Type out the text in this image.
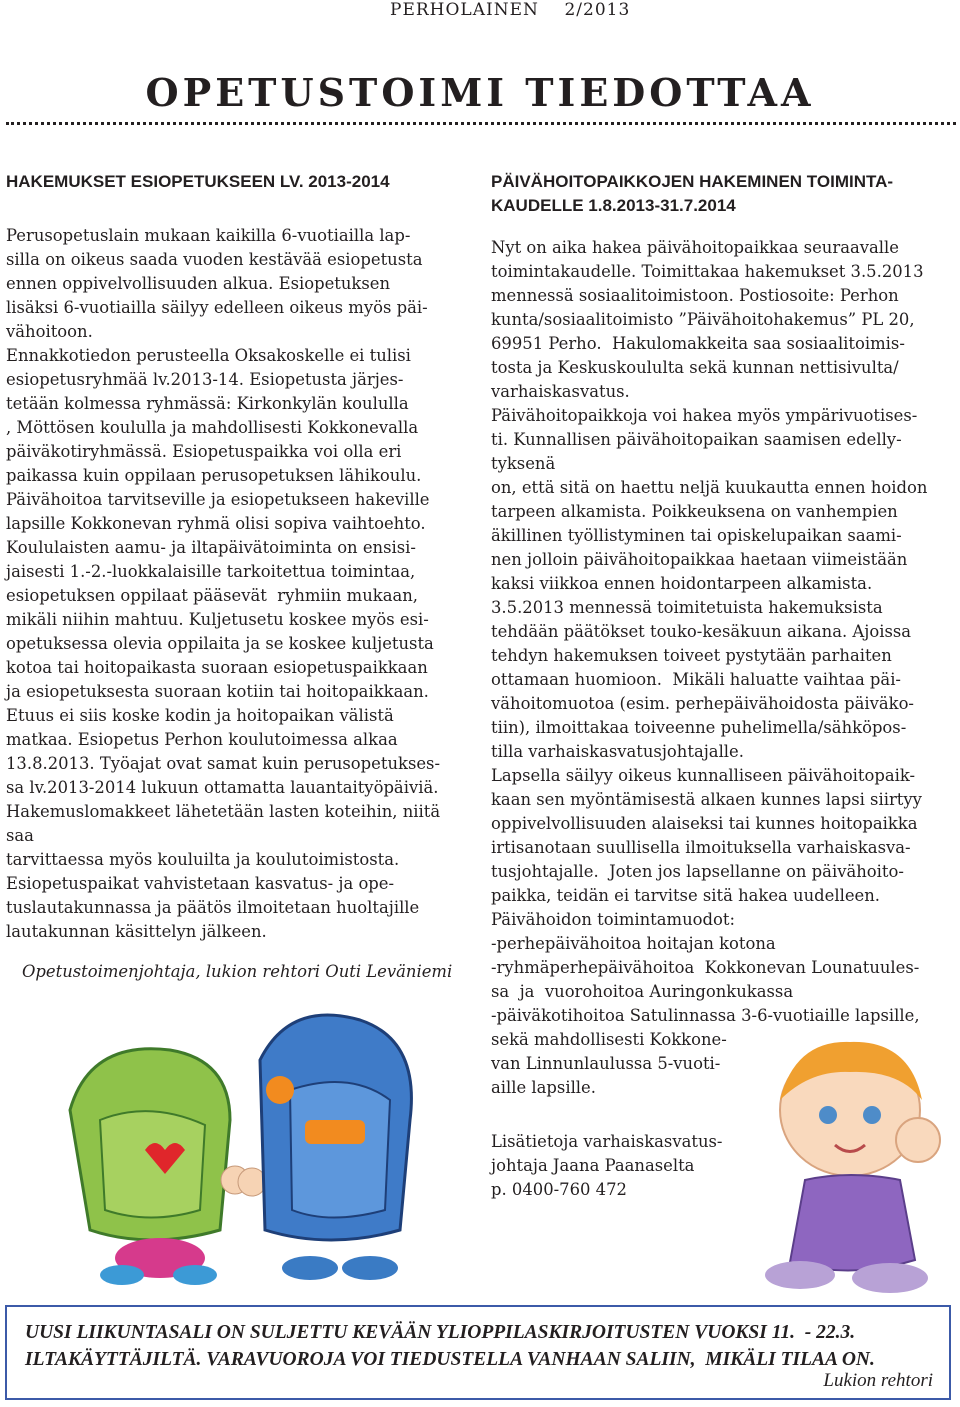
PERHOLAINEN 2/2013
OPETUSTOIMI TIEDOTTAA

HAKEMUKSET ESIOPETUKSEEN LV. 2013-2014

Perusopetuslain mukaan kaikilla 6-vuotiailla lap-

silla on oikeus saada vuoden kestävää esiopetusta

ennen oppivelvollisuuden alkua. Esiopetuksen

lisäksi 6-vuotiailla säilyy edelleen oikeus myös päi-

vähoitoon.

Ennakkotiedon perusteella Oksakoskelle ei tulisi

esiopetusryhmää lv.2013-14. Esiopetusta järjes-

tetään kolmessa ryhmässä: Kirkonkylän koululla

, Möttösen koululla ja mahdollisesti Kokkonevalla

päiväkotiryhmässä. Esiopetuspaikka voi olla eri

paikassa kuin oppilaan perusopetuksen lähikoulu.

Päivähoitoa tarvitseville ja esiopetukseen hakeville

lapsille Kokkonevan ryhmä olisi sopiva vaihtoehto.

Koululaisten aamu- ja iltapäivätoiminta on ensisi-

jaisesti 1.-2.-luokkalaisille tarkoitettua toimintaa,

esiopetuksen oppilaat pääsevät  ryhmiin mukaan,

mikäli niihin mahtuu. Kuljetusetu koskee myös esi-

opetuksessa olevia oppilaita ja se koskee kuljetusta

kotoa tai hoitopaikasta suoraan esiopetuspaikkaan

ja esiopetuksesta suoraan kotiin tai hoitopaikkaan.

Etuus ei siis koske kodin ja hoitopaikan välistä

matkaa. Esiopetus Perhon koulutoimessa alkaa

13.8.2013. Työajat ovat samat kuin perusopetukses-

sa lv.2013-2014 lukuun ottamatta lauantaityöpäiviä.

Hakemuslomakkeet lähetetään lasten koteihin, niitä

saa

tarvittaessa myös kouluilta ja koulutoimistosta.

Esiopetuspaikat vahvistetaan kasvatus- ja ope-

tuslautakunnassa ja päätös ilmoitetaan huoltajille

lautakunnan käsittelyn jälkeen.

Opetustoimenjohtaja, lukion rehtori Outi Leväniemi

PÄIVÄHOITOPAIKKOJEN HAKEMINEN TOIMINTA-
KAUDELLE 1.8.2013-31.7.2014

Nyt on aika hakea päivähoitopaikkaa seuraavalle

toimintakaudelle. Toimittakaa hakemukset 3.5.2013

mennessä sosiaalitoimistoon. Postiosoite: Perhon

kunta/sosiaalitoimisto ”Päivähoitohakemus” PL 20,

69951 Perho.  Hakulomakkeita saa sosiaalitoimis-

tosta ja Keskuskoululta sekä kunnan nettisivulta/

varhaiskasvatus.

Päivähoitopaikkoja voi hakea myös ympärivuotises-

ti. Kunnallisen päivähoitopaikan saamisen edelly-

tyksenä

on, että sitä on haettu neljä kuukautta ennen hoidon

tarpeen alkamista. Poikkeuksena on vanhempien

äkillinen työllistyminen tai opiskelupaikan saami-

nen jolloin päivähoitopaikkaa haetaan viimeistään

kaksi viikkoa ennen hoidontarpeen alkamista.

3.5.2013 mennessä toimitetuista hakemuksista

tehdään päätökset touko-kesäkuun aikana. Ajoissa

tehdyn hakemuksen toiveet pystytään parhaiten

ottamaan huomioon.  Mikäli haluatte vaihtaa päi-

vähoitomuotoa (esim. perhepäivähoidosta päiväko-

tiin), ilmoittakaa toiveenne puhelimella/sähköpos-

tilla varhaiskasvatusjohtajalle.

Lapsella säilyy oikeus kunnalliseen päivähoitopaik-

kaan sen myöntämisestä alkaen kunnes lapsi siirtyy

oppivelvollisuuden alaiseksi tai kunnes hoitopaikka

irtisanotaan suullisella ilmoituksella varhaiskasva-

tusjohtajalle.  Joten jos lapsellanne on päivähoito-

paikka, teidän ei tarvitse sitä hakea uudelleen.

Päivähoidon toimintamuodot:

-perhepäivähoitoa hoitajan kotona

-ryhmäperhepäivähoitoa  Kokkonevan Lounatuules-

sa  ja  vuorohoitoa Auringonkukassa

-päiväkotihoitoa Satulinnassa 3-6-vuotiaille lapsille,

sekä mahdollisesti Kokkone-

van Linnunlaulussa 5-vuoti-

aille lapsille.

Lisätietoja varhaiskasvatus-

johtaja Jaana Paanaselta

p. 0400-760 472

UUSI LIIKUNTASALI ON SULJETTU KEVÄÄN YLIOPPILASKIRJOITUSTEN VUOKSI 11.  - 22.3.

ILTAKÄYTTÄJILTÄ. VARAVUOROJA VOI TIEDUSTELLA VANHAAN SALIIN,  MIKÄLI TILAA ON.

Lukion rehtori
